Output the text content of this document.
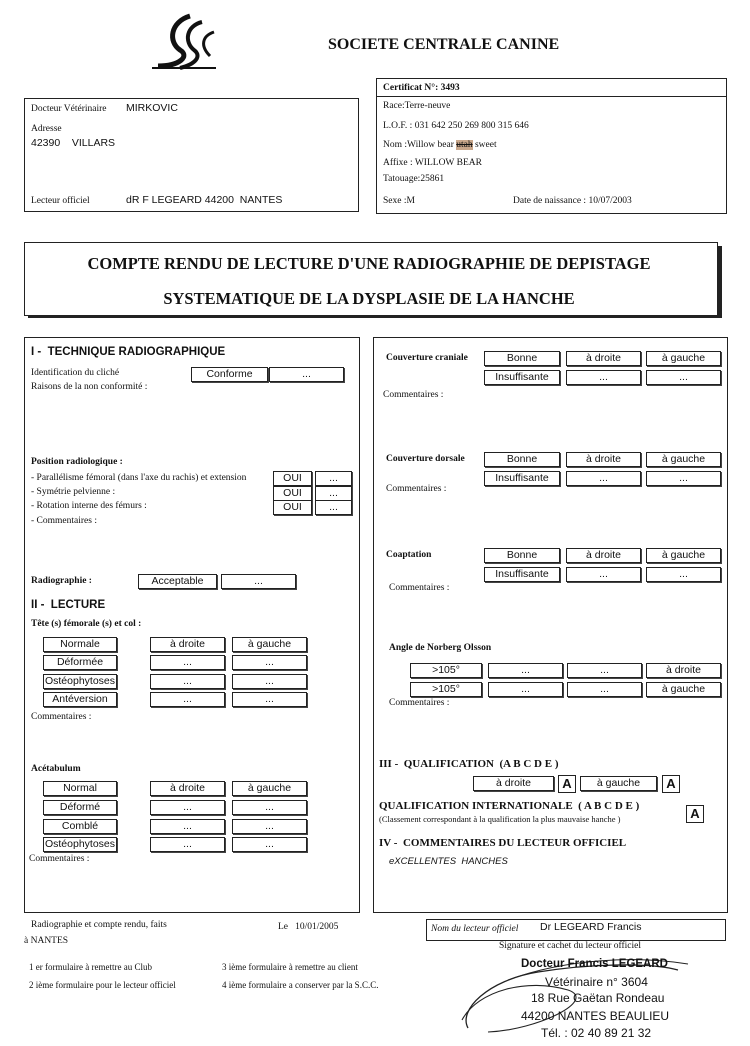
SOCIETE CENTRALE CANINE
Docteur Vétérinaire MIRKOVIC
Adresse
42390    VILLARS
Lecteur officiel	dR F LEGEARD 44200  NANTES
Certificat N°: 3493
Race:Terre-neuve
L.O.F. : 031 642 250 269 800 315 646
Nom :Willow bear utah sweet
Affixe : WILLOW BEAR
Tatouage:25861
Sexe :M	Date de naissance : 10/07/2003
COMPTE RENDU DE LECTURE D'UNE RADIOGRAPHIE DE DEPISTAGE
SYSTEMATIQUE DE LA DYSPLASIE DE LA HANCHE
I -  TECHNIQUE RADIOGRAPHIQUE
Identification du cliché	Conforme	...
Raisons de la non conformité :
Position radiologique :
- Parallélisme fémoral (dans l'axe du rachis) et extension	OUI	...
- Symétrie pelvienne :	OUI	...
- Rotation interne des fémurs :	OUI	...
- Commentaires :
Radiographie :	Acceptable	...
II -  LECTURE
Tête (s) fémorale (s) et col :
Normale	à droite	à gauche
Déformée	...	...
Ostéophytoses	...	...
Antéversion	...	...
Commentaires :
Acétabulum
Normal	à droite	à gauche
Déformé	...	...
Comblé	...	...
Ostéophytoses	...	...
Commentaires :
Couverture craniale	Bonne	à droite	à gauche
Insuffisante	...	...
Commentaires :
Couverture dorsale	Bonne	à droite	à gauche
Insuffisante	...	...
Commentaires :
Coaptation	Bonne	à droite	à gauche
Insuffisante	...	...
Commentaires :
Angle de Norberg Olsson
>105°	...	...	à droite
>105°	...	...	à gauche
Commentaires :
III -  QUALIFICATION  (A B C D E )
à droite	A	à gauche	A
QUALIFICATION INTERNATIONALE  ( A B C D E )
(Classement correspondant à la qualification la plus mauvaise hanche )	A
IV -  COMMENTAIRES DU LECTEUR OFFICIEL
eXCELLENTES  HANCHES
Radiographie et compte rendu, faits
à NANTES
Le   10/01/2005	Nom du lecteur officiel Dr LEGEARD Francis
Signature et cachet du lecteur officiel
1 er formulaire à remettre au Club
2 ième formulaire pour le lecteur officiel
3 ième formulaire à remettre au client
4 ième formulaire a conserver par la S.C.C.
Docteur Francis LEGEARD
Vétérinaire n° 3604
18 Rue Gaëtan Rondeau
44200 NANTES BEAULIEU
Tél. : 02 40 89 21 32
